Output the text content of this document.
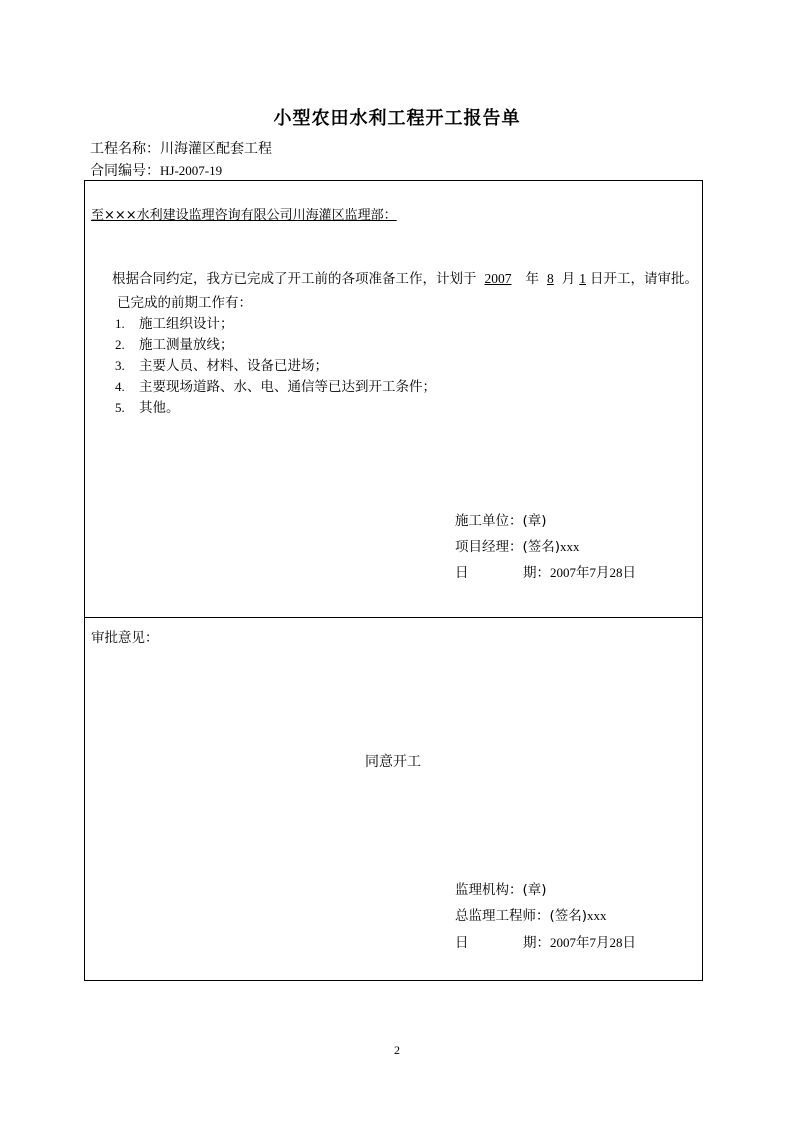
小型农田水利工程开工报告单
工程名称：川海灌区配套工程
合同编号：HJ-2007-19
至×××水利建设监理咨询有限公司川海灌区监理部：
根据合同约定，我方已完成了开工前的各项准备工作，计划于 2007 年 8 月 1 日开工，请审批。
已完成的前期工作有：
1. 施工组织设计；
2. 施工测量放线；
3. 主要人员、材料、设备已进场；
4. 主要现场道路、水、电、通信等已达到开工条件；
5. 其他。
施工单位：(章)
项目经理：(签名)xxx
日	期：2007年7月28日
审批意见：
同意开工
监理机构：(章)
总监理工程师：(签名)xxx
日	期：2007年7月28日
2
